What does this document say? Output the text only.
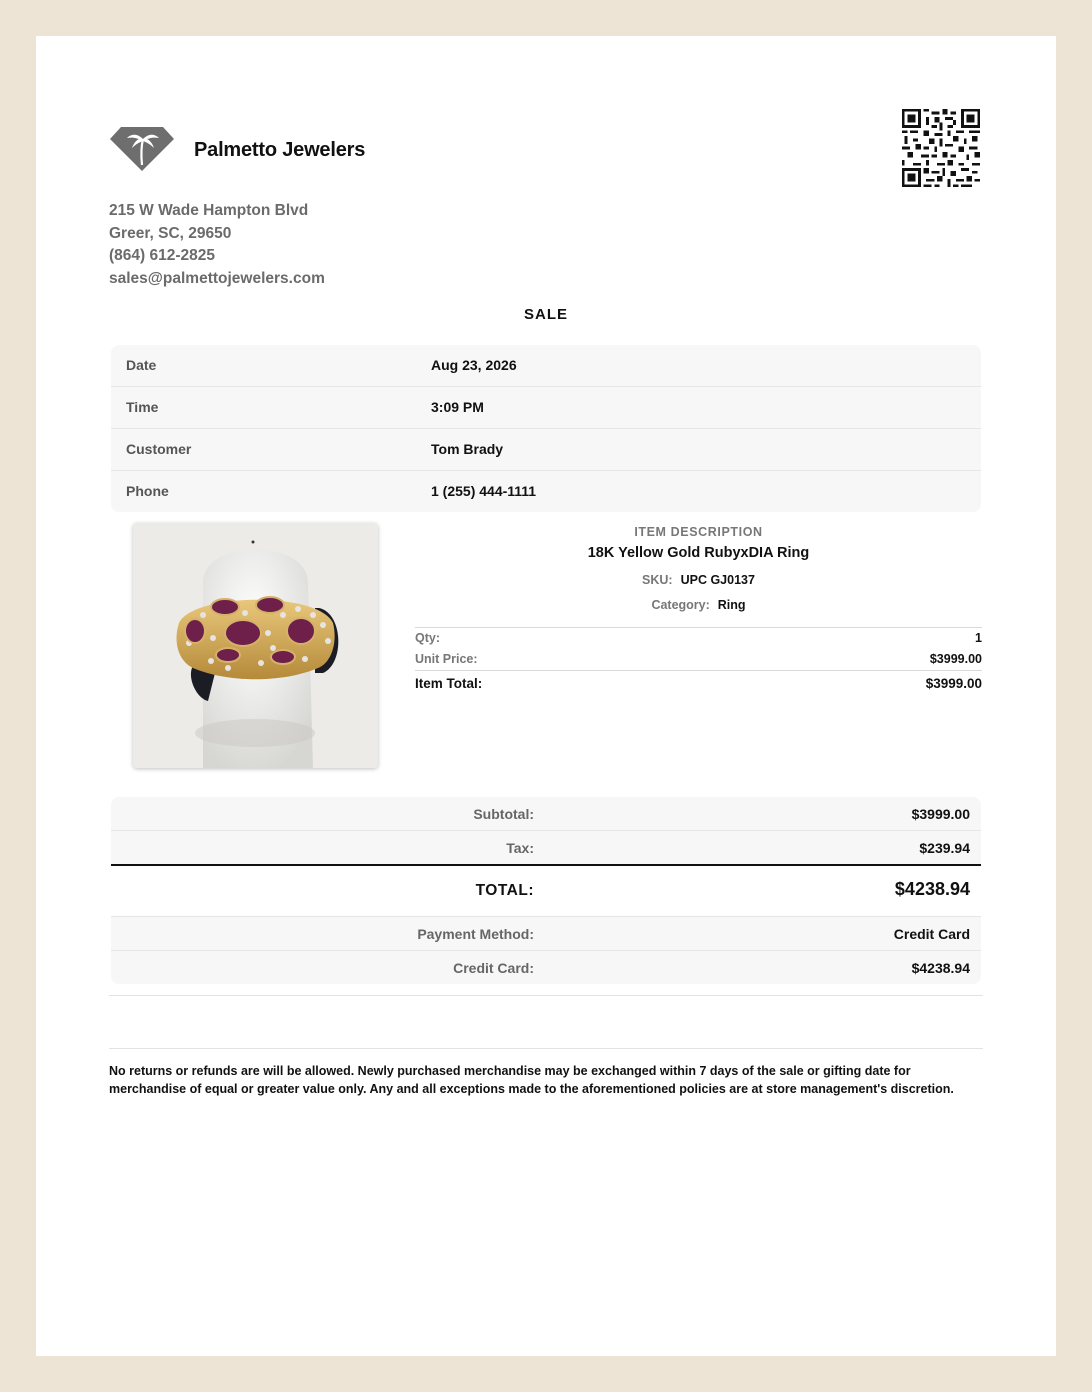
Palmetto Jewelers
215 W Wade Hampton Blvd
Greer, SC, 29650
(864) 612-2825
sales@palmettojewelers.com
SALE
Date	Aug 23, 2026
Time	3:09 PM
Customer	Tom Brady
Phone	1 (255) 444-1111
ITEM DESCRIPTION
18K Yellow Gold RubyxDIA Ring
SKU: UPC GJ0137
Category: Ring
Qty:	1
Unit Price:	$3999.00
Item Total:	$3999.00
Subtotal:	$3999.00
Tax:	$239.94
TOTAL:	$4238.94
Payment Method:	Credit Card
Credit Card:	$4238.94
No returns or refunds are will be allowed. Newly purchased merchandise may be exchanged within 7 days of the sale or gifting date for merchandise of equal or greater value only. Any and all exceptions made to the aforementioned policies are at store management's discretion.
